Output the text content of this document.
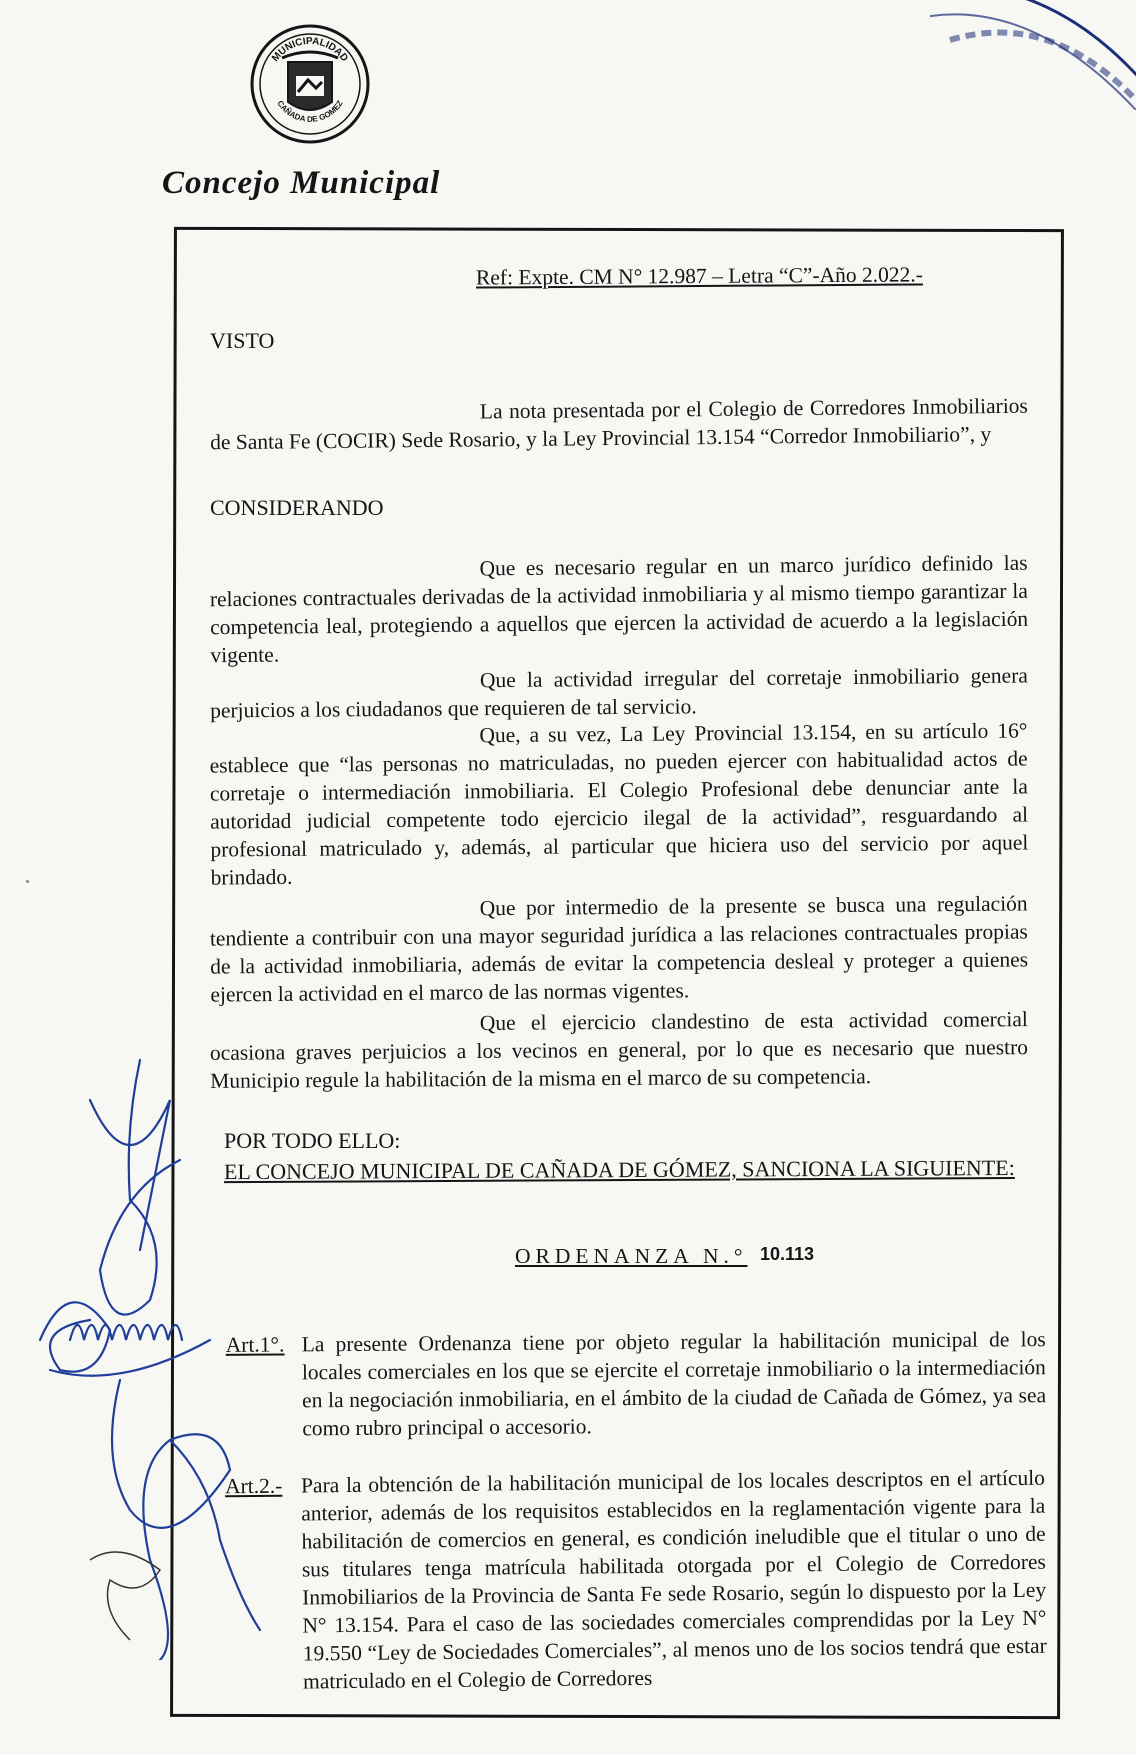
MUNICIPALIDAD
CAÑADA DE GOMEZ
Concejo Municipal
Ref: Expte. CM N° 12.987 – Letra “C”-Año 2.022.-
VISTO
La nota presentada por el Colegio de Corredores Inmobiliarios de Santa Fe (COCIR) Sede Rosario, y la Ley Provincial 13.154 “Corredor Inmobiliario”, y
CONSIDERANDO
Que es necesario regular en un marco jurídico definido las relaciones contractuales derivadas de la actividad inmobiliaria y al mismo tiempo garantizar la competencia leal, protegiendo a aquellos que ejercen la actividad de acuerdo a la legislación vigente.
Que la actividad irregular del corretaje inmobiliario genera perjuicios a los ciudadanos que requieren de tal servicio.
Que, a su vez, La Ley Provincial 13.154, en su artículo 16° establece que “las personas no matriculadas, no pueden ejercer con habitualidad actos de corretaje o intermediación inmobiliaria. El Colegio Profesional debe denunciar ante la autoridad judicial competente todo ejercicio ilegal de la actividad”, resguardando al profesional matriculado y, además, al particular que hiciera uso del servicio por aquel brindado.
Que por intermedio de la presente se busca una regulación tendiente a contribuir con una mayor seguridad jurídica a las relaciones contractuales propias de la actividad inmobiliaria, además de evitar la competencia desleal y proteger a quienes ejercen la actividad en el marco de las normas vigentes.
Que el ejercicio clandestino de esta actividad comercial ocasiona graves perjuicios a los vecinos en general, por lo que es necesario que nuestro Municipio regule la habilitación de la misma en el marco de su competencia.
POR TODO ELLO:
EL CONCEJO MUNICIPAL DE CAÑADA DE GÓMEZ, SANCIONA LA SIGUIENTE:
ORDENANZA N.° 10.113
Art.1°. La presente Ordenanza tiene por objeto regular la habilitación municipal de los locales comerciales en los que se ejercite el corretaje inmobiliario o la intermediación en la negociación inmobiliaria, en el ámbito de la ciudad de Cañada de Gómez, ya sea como rubro principal o accesorio.
Art.2.- Para la obtención de la habilitación municipal de los locales descriptos en el artículo anterior, además de los requisitos establecidos en la reglamentación vigente para la habilitación de comercios en general, es condición ineludible que el titular o uno de sus titulares tenga matrícula habilitada otorgada por el Colegio de Corredores Inmobiliarios de la Provincia de Santa Fe sede Rosario, según lo dispuesto por la Ley N° 13.154. Para el caso de las sociedades comerciales comprendidas por la Ley N° 19.550 “Ley de Sociedades Comerciales”, al menos uno de los socios tendrá que estar matriculado en el Colegio de Corredores
